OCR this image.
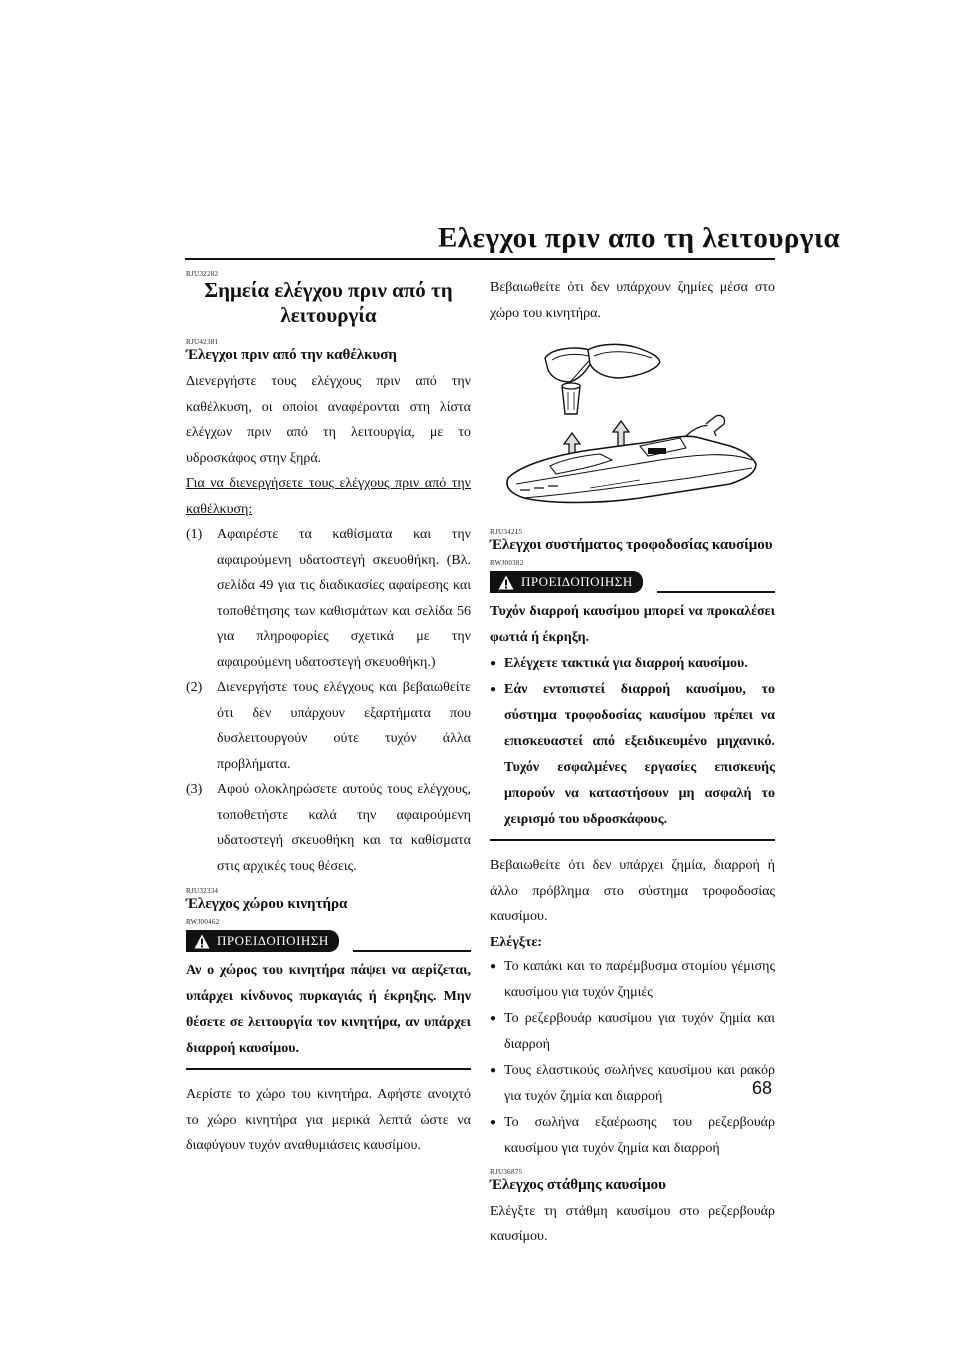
Ελεγχοι πριν απο τη λειτουργια

RJU32282

Σημεία ελέγχου πριν από τη
λειτουργία

RJU42381

Έλεγχοι πριν από την καθέλκυση

Διενεργήστε τους ελέγχους πριν από την καθέλκυση, οι οποίοι αναφέρονται στη λίστα ελέγχων πριν από τη λειτουργία, με το υδροσκάφος στην ξηρά.

Για να διενεργήσετε τους ελέγχους πριν από την καθέλκυση:

(1) Αφαιρέστε τα καθίσματα και την αφαιρούμενη υδατοστεγή σκευοθήκη. (Βλ. σελίδα 49 για τις διαδικασίες αφαίρεσης και τοποθέτησης των καθισμάτων και σελίδα 56 για πληροφορίες σχετικά με την αφαιρούμενη υδατοστεγή σκευοθήκη.)
(2) Διενεργήστε τους ελέγχους και βεβαιωθείτε ότι δεν υπάρχουν εξαρτήματα που δυσλειτουργούν ούτε τυχόν άλλα προβλήματα.
(3) Αφού ολοκληρώσετε αυτούς τους ελέγχους, τοποθετήστε καλά την αφαιρούμενη υδατοστεγή σκευοθήκη και τα καθίσματα στις αρχικές τους θέσεις.

RJU32334

Έλεγχος χώρου κινητήρα

RWJ00462

ΠΡΟΕΙΔΟΠΟΙΗΣΗ

Αν ο χώρος του κινητήρα πάψει να αερίζεται, υπάρχει κίνδυνος πυρκαγιάς ή έκρηξης. Μην θέσετε σε λειτουργία τον κινητήρα, αν υπάρχει διαρροή καυσίμου.

Αερίστε το χώρο του κινητήρα. Αφήστε ανοιχτό το χώρο κινητήρα για μερικά λεπτά ώστε να διαφύγουν τυχόν αναθυμιάσεις καυσίμου.

Βεβαιωθείτε ότι δεν υπάρχουν ζημίες μέσα στο χώρο του κινητήρα.

RJU34215

Έλεγχοι συστήματος τροφοδοσίας καυσίμου

RWJ00382

ΠΡΟΕΙΔΟΠΟΙΗΣΗ
Τυχόν διαρροή καυσίμου μπορεί να προκαλέσει φωτιά ή έκρηξη.
● Ελέγχετε τακτικά για διαρροή καυσίμου.
● Εάν εντοπιστεί διαρροή καυσίμου, το σύστημα τροφοδοσίας καυσίμου πρέπει να επισκευαστεί από εξειδικευμένο μηχανικό. Τυχόν εσφαλμένες εργασίες επισκευής μπορούν να καταστήσουν μη ασφαλή το χειρισμό του υδροσκάφους.

Βεβαιωθείτε ότι δεν υπάρχει ζημία, διαρροή ή άλλο πρόβλημα στο σύστημα τροφοδοσίας καυσίμου.

Ελέγξτε:

● Το καπάκι και το παρέμβυσμα στομίου γέμισης καυσίμου για τυχόν ζημιές
● Το ρεζερβουάρ καυσίμου για τυχόν ζημία και διαρροή
● Τους ελαστικούς σωλήνες καυσίμου και ρακόρ για τυχόν ζημία και διαρροή
● Το σωλήνα εξαέρωσης του ρεζερβουάρ καυσίμου για τυχόν ζημία και διαρροή

RJU36875

Έλεγχος στάθμης καυσίμου

Ελέγξτε τη στάθμη καυσίμου στο ρεζερβουάρ καυσίμου.

68
